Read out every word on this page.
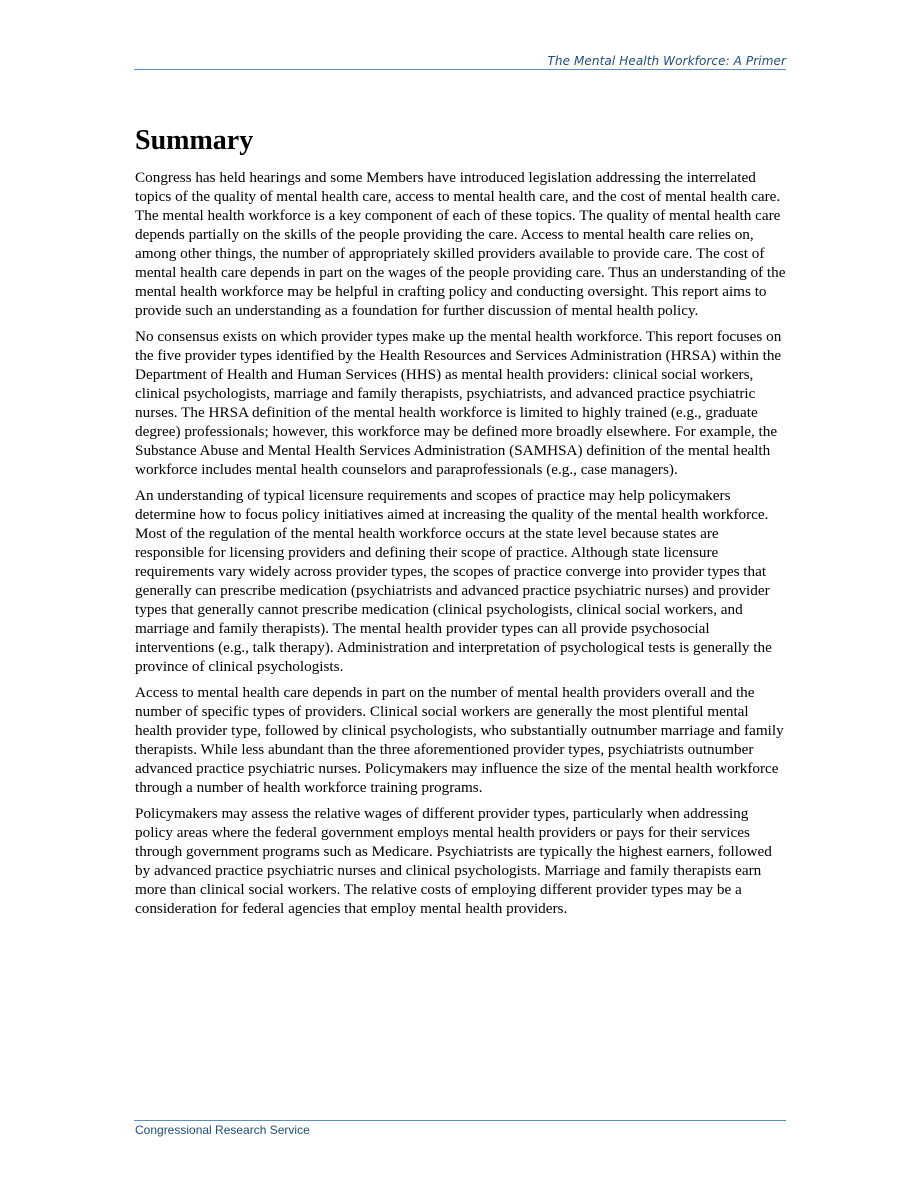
The Mental Health Workforce: A Primer
Summary

Congress has held hearings and some Members have introduced legislation addressing the interrelated topics of the quality of mental health care, access to mental health care, and the cost of mental health care. The mental health workforce is a key component of each of these topics. The quality of mental health care depends partially on the skills of the people providing the care. Access to mental health care relies on, among other things, the number of appropriately skilled providers available to provide care. The cost of mental health care depends in part on the wages of the people providing care. Thus an understanding of the mental health workforce may be helpful in crafting policy and conducting oversight. This report aims to provide such an understanding as a foundation for further discussion of mental health policy.

No consensus exists on which provider types make up the mental health workforce. This report focuses on the five provider types identified by the Health Resources and Services Administration (HRSA) within the Department of Health and Human Services (HHS) as mental health providers: clinical social workers, clinical psychologists, marriage and family therapists, psychiatrists, and advanced practice psychiatric nurses. The HRSA definition of the mental health workforce is limited to highly trained (e.g., graduate degree) professionals; however, this workforce may be defined more broadly elsewhere. For example, the Substance Abuse and Mental Health Services Administration (SAMHSA) definition of the mental health workforce includes mental health counselors and paraprofessionals (e.g., case managers).

An understanding of typical licensure requirements and scopes of practice may help policymakers determine how to focus policy initiatives aimed at increasing the quality of the mental health workforce. Most of the regulation of the mental health workforce occurs at the state level because states are responsible for licensing providers and defining their scope of practice. Although state licensure requirements vary widely across provider types, the scopes of practice converge into provider types that generally can prescribe medication (psychiatrists and advanced practice psychiatric nurses) and provider types that generally cannot prescribe medication (clinical psychologists, clinical social workers, and marriage and family therapists). The mental health provider types can all provide psychosocial interventions (e.g., talk therapy). Administration and interpretation of psychological tests is generally the province of clinical psychologists.

Access to mental health care depends in part on the number of mental health providers overall and the number of specific types of providers. Clinical social workers are generally the most plentiful mental health provider type, followed by clinical psychologists, who substantially outnumber marriage and family therapists. While less abundant than the three aforementioned provider types, psychiatrists outnumber advanced practice psychiatric nurses. Policymakers may influence the size of the mental health workforce through a number of health workforce training programs.

Policymakers may assess the relative wages of different provider types, particularly when addressing policy areas where the federal government employs mental health providers or pays for their services through government programs such as Medicare. Psychiatrists are typically the highest earners, followed by advanced practice psychiatric nurses and clinical psychologists. Marriage and family therapists earn more than clinical social workers. The relative costs of employing different provider types may be a consideration for federal agencies that employ mental health providers.

Congressional Research Service
